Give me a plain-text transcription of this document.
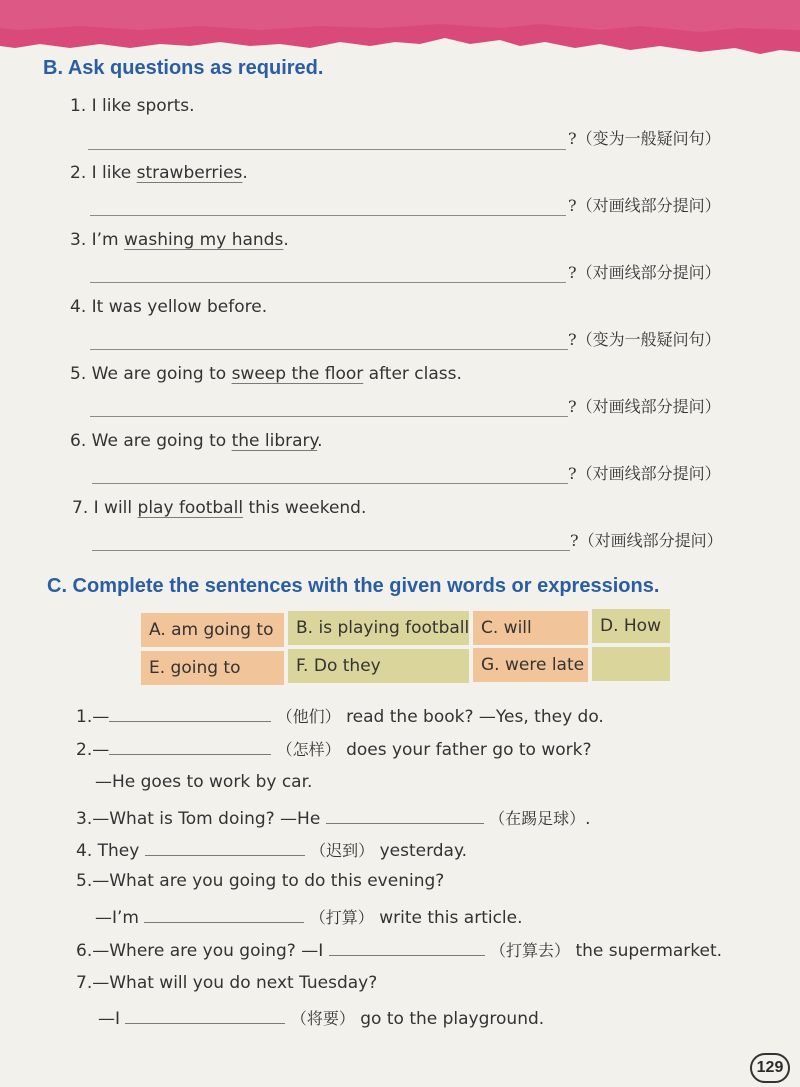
B. Ask questions as required.
1. I like sports.
?（变为一般疑问句）
2. I like strawberries.
?（对画线部分提问）
3. I’m washing my hands.
?（对画线部分提问）
4. It was yellow before.
?（变为一般疑问句）
5. We are going to sweep the floor after class.
?（对画线部分提问）
6. We are going to the library.
?（对画线部分提问）
7. I will play football this weekend.
?（对画线部分提问）
C. Complete the sentences with the given words or expressions.
A. am going to	B. is playing football C. will	D. How
E. going to	F. Do they	G. were late
1.—	（他们） read the book? —Yes, they do.
2.—	（怎样） does your father go to work?
—He goes to work by car.
3.—What is Tom doing? —He	（在踢足球）.
4. They	（迟到） yesterday.
5.—What are you going to do this evening?
—I’m	（打算） write this article.
6.—Where are you going? —I	（打算去） the supermarket.
7.—What will you do next Tuesday?
—I	（将要） go to the playground.
129
